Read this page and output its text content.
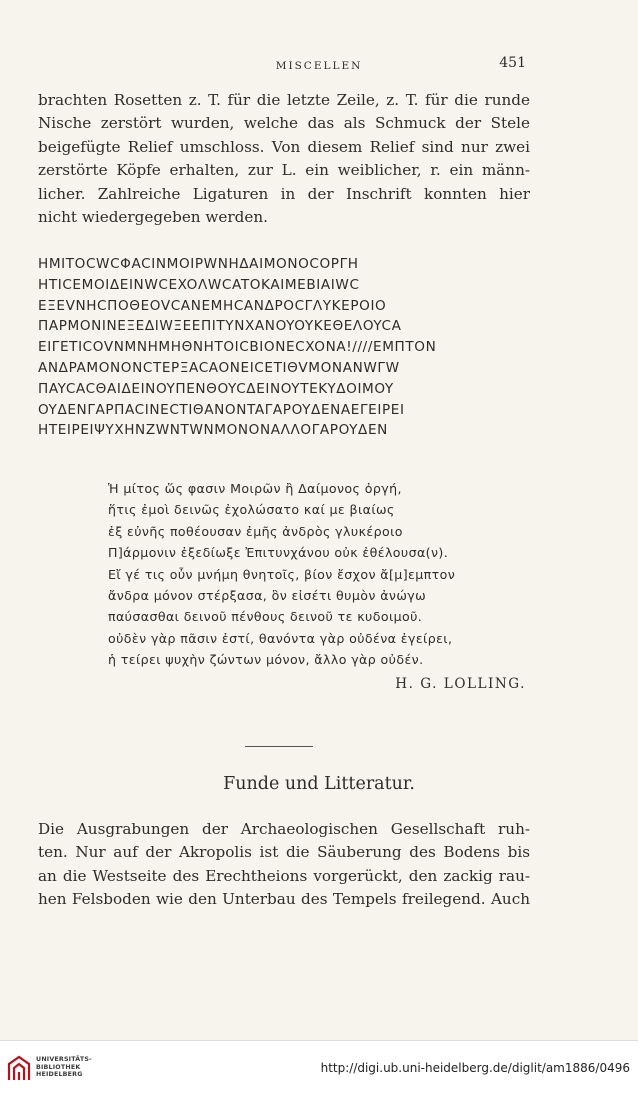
MISCELLEN	451
brachten Rosetten z. T. für die letzte Zeile, z. T. für die runde
Nische zerstört wurden, welche das als Schmuck der Stele
beigefügte Relief umschloss. Von diesem Relief sind nur zwei
zerstörte Köpfe erhalten, zur L. ein weiblicher, r. ein männ-
licher. Zahlreiche Ligaturen in der Inschrift konnten hier
nicht wiedergegeben werden.
HMITOCWCΦACINMOIPWNHΔAIMONOCOPΓH
HTICEMOIΔEINWCEXOΛWCATOKAIMEBIAIWC
EΞEVNHCΠOΘEOVCANEMHCANΔPOCΓΛYKEPOIO
ΠAPMONINEΞEΔIWΞEEΠITYNXANOYOYKEΘEΛOYCA
EIΓETICOVNMNHMHΘNHTOICBIONECXONA!////EMΠTON
ANΔPAMONONCTEPΞACAONEICETIΘVMONANWΓW
ΠAYCACΘAIΔEINOYΠENΘOYCΔEINOYTEKYΔOIMOY
OYΔENΓAPΠACINECTIΘANONTAΓAPOYΔENAEΓEIPEI
HTEIPEIΨYXHNZWNTWNMONONAΛΛOΓAPOYΔEN
Ἡ μίτος ὥς φασιν Μοιρῶν ἢ Δαίμονος ὀργή,
ἥτις ἐμοὶ δεινῶς ἐχολώσατο καί με βιαίως
ἐξ εὐνῆς ποθέουσαν ἐμῆς ἀνδρὸς γλυκέροιο
Π]άρμονιν ἐξεδίωξε Ἐπιτυνχάνου οὐκ ἐθέλουσα(ν).
Εἴ γέ τις οὖν μνήμη θνητοῖς, βίον ἔσχον ἄ[μ]εμπτον
ἄνδρα μόνον στέρξασα, ὃν εἰσέτι θυμὸν ἀνώγω
παύσασθαι δεινοῦ πένθους δεινοῦ τε κυδοιμοῦ.
οὐδὲν γὰρ πᾶσιν ἐστί, θανόντα γὰρ οὐδένα ἐγείρει,
ἡ τείρει ψυχὴν ζώντων μόνον, ἄλλο γὰρ οὐδέν.
H. G. LOLLING.
Funde und Litteratur.
Die Ausgrabungen der Archaeologischen Gesellschaft ruh-
ten. Nur auf der Akropolis ist die Säuberung des Bodens bis
an die Westseite des Erechtheions vorgerückt, den zackig rau-
hen Felsboden wie den Unterbau des Tempels freilegend. Auch
UNIVERSITÄTS-
BIBLIOTHEK
HEIDELBERG	http://digi.ub.uni-heidelberg.de/diglit/am1886/0496
